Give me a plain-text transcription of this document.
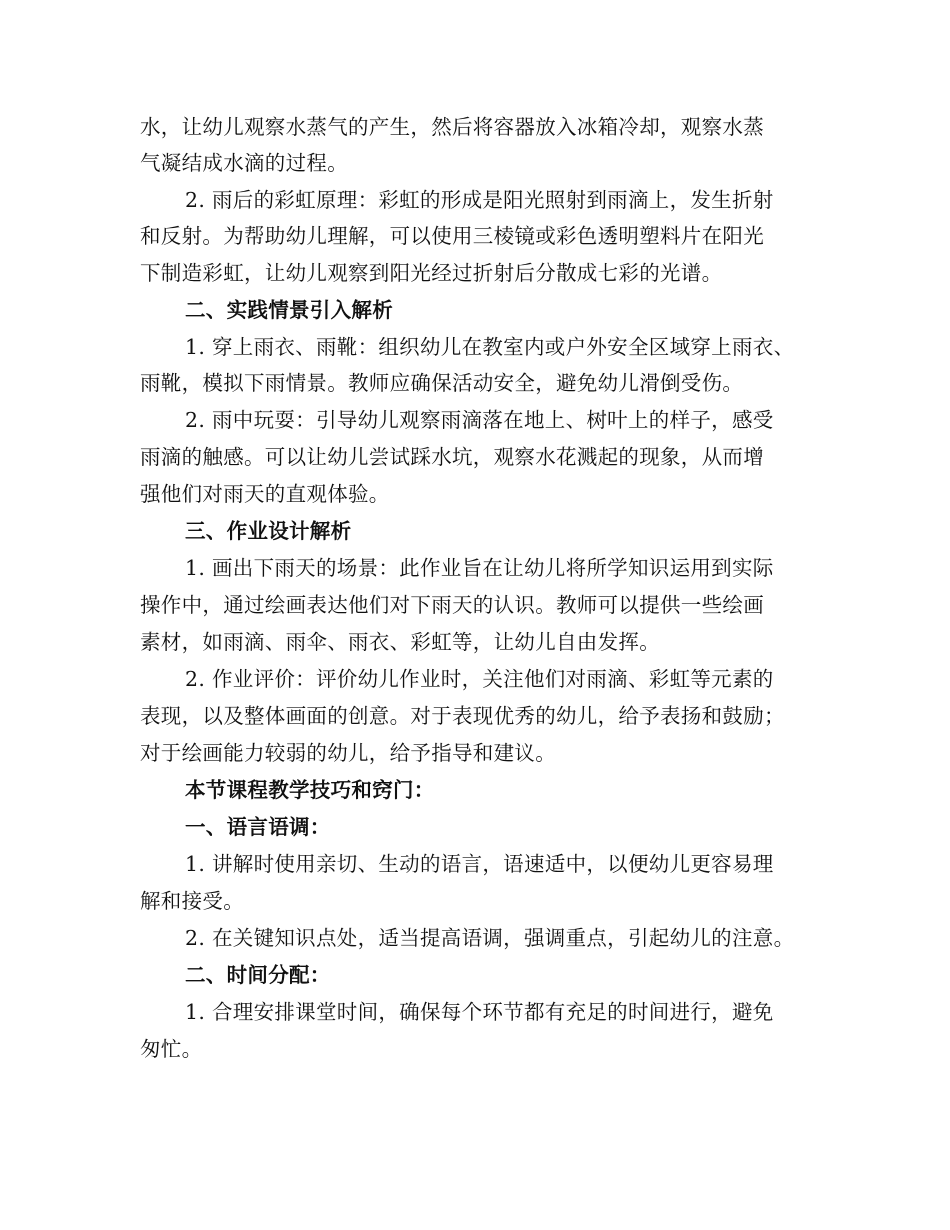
水，让幼儿观察水蒸气的产生，然后将容器放入冰箱冷却，观察水蒸
气凝结成水滴的过程。
2. 雨后的彩虹原理：彩虹的形成是阳光照射到雨滴上，发生折射
和反射。为帮助幼儿理解，可以使用三棱镜或彩色透明塑料片在阳光
下制造彩虹，让幼儿观察到阳光经过折射后分散成七彩的光谱。
二、实践情景引入解析
1. 穿上雨衣、雨靴：组织幼儿在教室内或户外安全区域穿上雨衣、
雨靴，模拟下雨情景。教师应确保活动安全，避免幼儿滑倒受伤。
2. 雨中玩耍：引导幼儿观察雨滴落在地上、树叶上的样子，感受
雨滴的触感。可以让幼儿尝试踩水坑，观察水花溅起的现象，从而增
强他们对雨天的直观体验。
三、作业设计解析
1. 画出下雨天的场景：此作业旨在让幼儿将所学知识运用到实际
操作中，通过绘画表达他们对下雨天的认识。教师可以提供一些绘画
素材，如雨滴、雨伞、雨衣、彩虹等，让幼儿自由发挥。
2. 作业评价：评价幼儿作业时，关注他们对雨滴、彩虹等元素的
表现，以及整体画面的创意。对于表现优秀的幼儿，给予表扬和鼓励；
对于绘画能力较弱的幼儿，给予指导和建议。
本节课程教学技巧和窍门：
一、语言语调：
1. 讲解时使用亲切、生动的语言，语速适中，以便幼儿更容易理
解和接受。
2. 在关键知识点处，适当提高语调，强调重点，引起幼儿的注意。
二、时间分配：
1. 合理安排课堂时间，确保每个环节都有充足的时间进行，避免
匆忙。
